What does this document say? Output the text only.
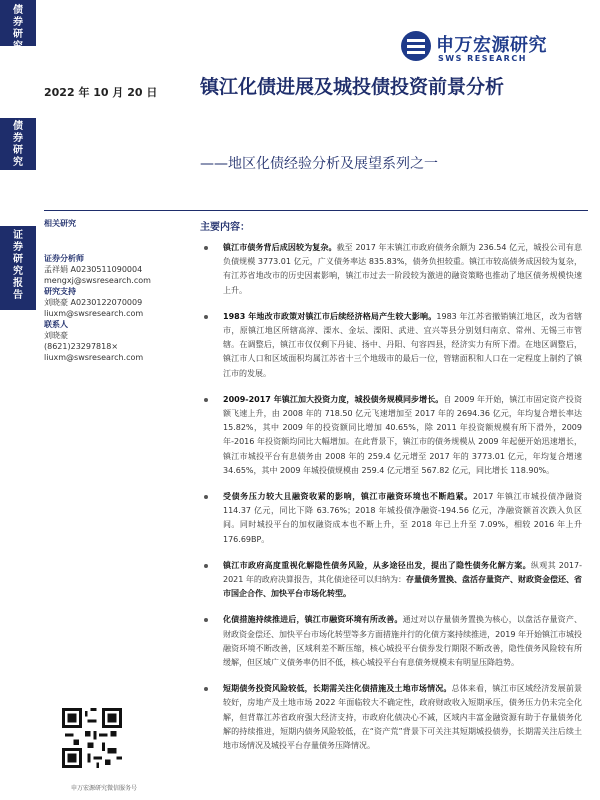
债券研究
债券研究
证券研究报告
申万宏源研究
SWS RESEARCH
2022 年 10 月 20 日 镇江化债进展及城投债投资前景分析
——地区化债经验分析及展望系列之一
相关研究
证券分析师
孟祥娟 A0230511090004
mengxj@swsresearch.com
研究支持
刘晓豪 A0230122070009
liuxm@swsresearch.com
联系人
刘晓豪
(8621)23297818×
liuxm@swsresearch.com
申万宏源研究微信服务号
主要内容：
镇江市债务背后成因较为复杂。截至 2017 年末镇江市政府债务余额为 236.54 亿元，城投公司有息负债规模 3773.01 亿元，广义债务率达 835.83%，债务负担较重。镇江市较高债务成因较为复杂，有江苏省地改市的历史因素影响，镇江市过去一阶段较为激进的融资策略也推动了地区债务规模快速上升。
1983 年地改市政策对镇江市后续经济格局产生较大影响。1983 年江苏省撤销镇江地区，改为省辖市，原镇江地区所辖高淳、溧水、金坛、溧阳、武进、宜兴等县分别划归南京、常州、无锡三市管辖。在调整后，镇江市仅仅剩下丹徒、扬中、丹阳、句容四县，经济实力有所下滑。在地区调整后，镇江市人口和区域面积均属江苏省十三个地级市的最后一位，管辖面积和人口在一定程度上制约了镇江市的发展。
2009-2017 年镇江加大投资力度，城投债务规模同步增长。自 2009 年开始，镇江市固定资产投资额飞速上升，由 2008 年的 718.50 亿元飞速增加至 2017 年的 2694.36 亿元，年均复合增长率达 15.82%，其中 2009 年的投资额同比增加 40.65%，除 2011 年投资额规模有所下滑外，2009 年-2016 年投资额均同比大幅增加。在此背景下，镇江市的债务规模从 2009 年起便开始迅速增长，镇江市城投平台有息债务由 2008 年的 259.4 亿元增至 2017 年的 3773.01 亿元，年均复合增速 34.65%，其中 2009 年城投债规模由 259.4 亿元增至 567.82 亿元，同比增长 118.90%。
受债务压力较大且融资收紧的影响，镇江市融资环境也不断趋紧。2017 年镇江市城投债净融资 114.37 亿元，同比下降 63.76%；2018 年城投债净融资-194.56 亿元，净融资额首次跌入负区间。同时城投平台的加权融资成本也不断上升，至 2018 年已上升至 7.09%，相较 2016 年上升 176.69BP。
镇江市政府高度重视化解隐性债务风险，从多途径出发，提出了隐性债务化解方案。纵观其 2017-2021 年的政府决算报告，其化债途径可以归纳为：存量债务置换、盘活存量资产、财政资金偿还、省市国企合作、加快平台市场化转型。
化债措施持续推进后，镇江市融资环境有所改善。通过对以存量债务置换为核心，以盘活存量资产、财政资金偿还、加快平台市场化转型等多方面措施并行的化债方案持续推进，2019 年开始镇江市城投融资环境不断改善，区域利差不断压缩，核心城投平台债券发行期限不断改善，隐性债务风险较有所缓解，但区域广义债务率仍旧不低，核心城投平台有息债务规模未有明显压降趋势。
短期债务投资风险较低，长期需关注化债措施及土地市场情况。总体来看，镇江市区域经济发展前景较好，房地产及土地市场 2022 年面临较大不确定性，政府财政收入短期承压，债务压力仍未完全化解，但背靠江苏省政府强大经济支持，市政府化债决心不减，区域内丰富金融资源有助于存量债务化解的持续推进，短期内债务风险较低，在“资产荒”背景下可关注其短期城投债券，长期需关注后续土地市场情况及城投平台存量债务压降情况。
